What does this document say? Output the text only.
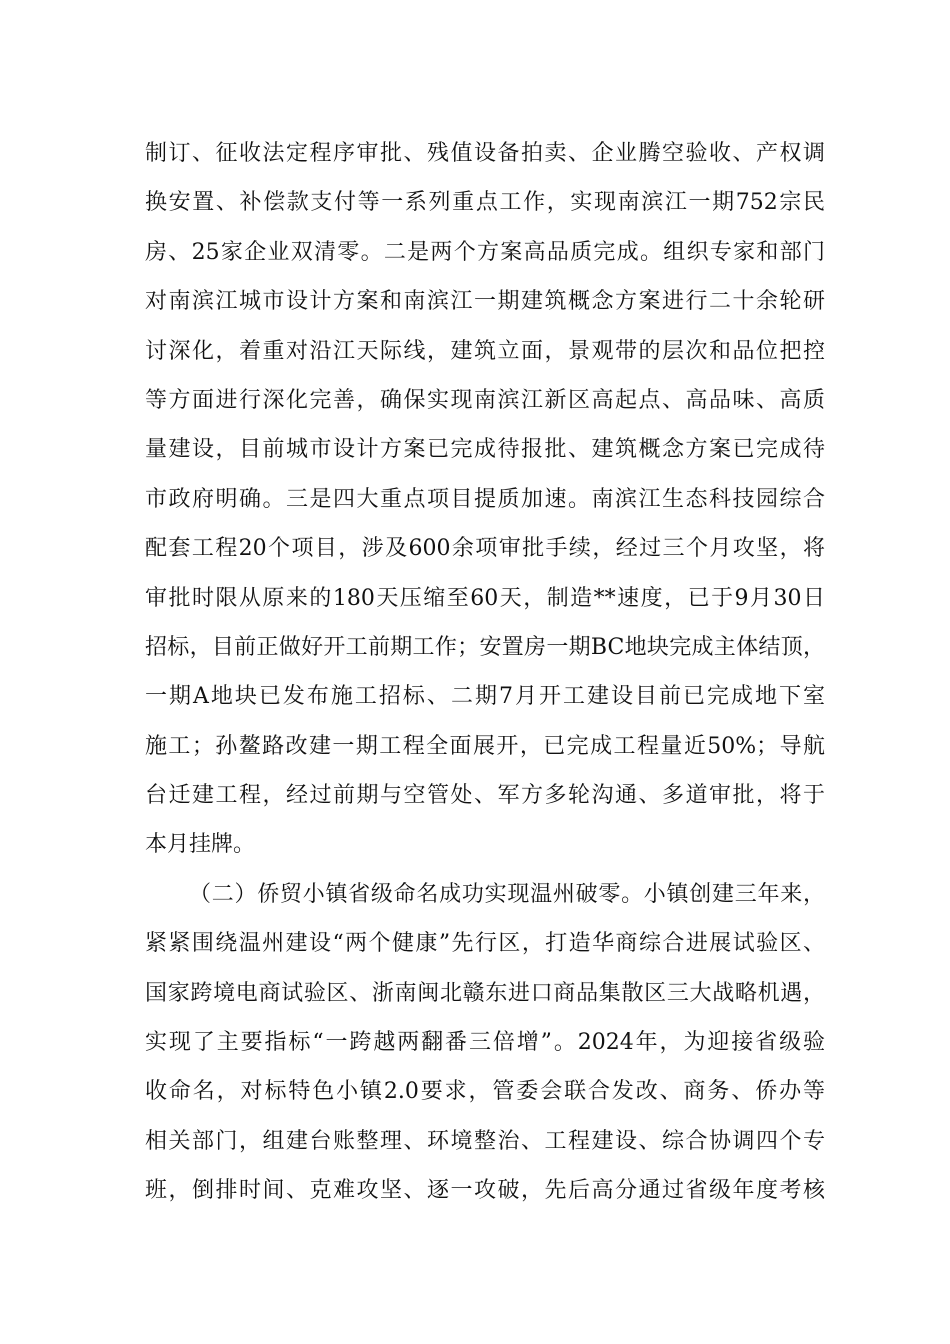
制订、征收法定程序审批、残值设备拍卖、企业腾空验收、产权调
换安置、补偿款支付等一系列重点工作，实现南滨江一期752宗民
房、25家企业双清零。二是两个方案高品质完成。组织专家和部门
对南滨江城市设计方案和南滨江一期建筑概念方案进行二十余轮研
讨深化，着重对沿江天际线，建筑立面，景观带的层次和品位把控
等方面进行深化完善，确保实现南滨江新区高起点、高品味、高质
量建设，目前城市设计方案已完成待报批、建筑概念方案已完成待
市政府明确。三是四大重点项目提质加速。南滨江生态科技园综合
配套工程20个项目，涉及600余项审批手续，经过三个月攻坚，将
审批时限从原来的180天压缩至60天，制造**速度，已于9月30日
招标，目前正做好开工前期工作；安置房一期BC地块完成主体结顶，
一期A地块已发布施工招标、二期7月开工建设目前已完成地下室
施工；孙鳌路改建一期工程全面展开，已完成工程量近50%；导航
台迁建工程，经过前期与空管处、军方多轮沟通、多道审批，将于
本月挂牌。
（二）侨贸小镇省级命名成功实现温州破零。小镇创建三年来，
紧紧围绕温州建设“两个健康”先行区，打造华商综合进展试验区、
国家跨境电商试验区、浙南闽北赣东进口商品集散区三大战略机遇，
实现了主要指标“一跨越两翻番三倍增”。2024年，为迎接省级验
收命名，对标特色小镇2.0要求，管委会联合发改、商务、侨办等
相关部门，组建台账整理、环境整治、工程建设、综合协调四个专
班，倒排时间、克难攻坚、逐一攻破，先后高分通过省级年度考核
